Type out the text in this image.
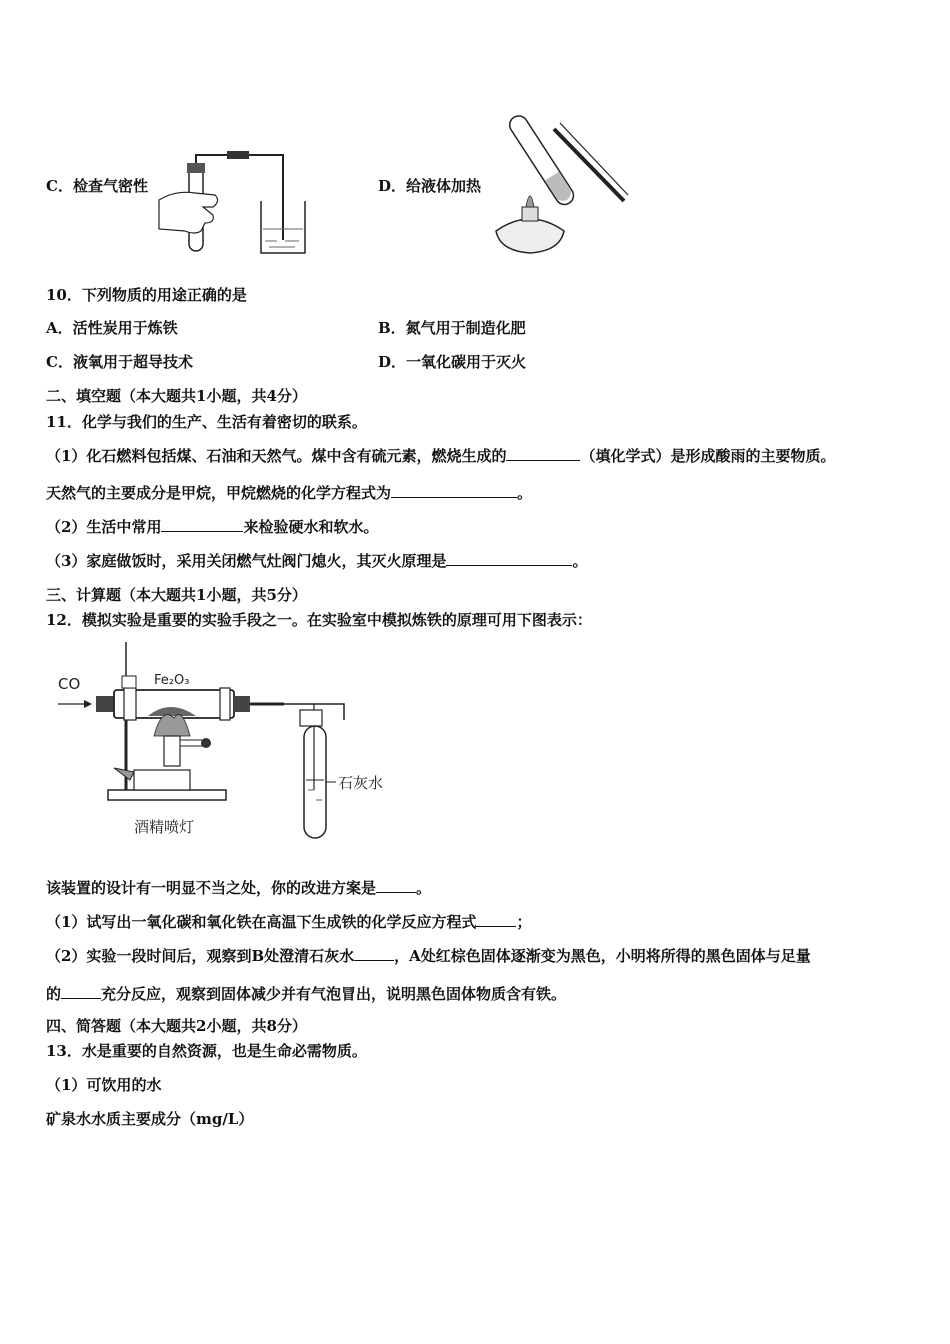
C．检查气密性	D．给液体加热
10．下列物质的用途正确的是
A．活性炭用于炼铁	B．氮气用于制造化肥
C．液氧用于超导技术	D．一氧化碳用于灭火
二、填空题（本大题共1小题，共4分）
11．化学与我们的生产、生活有着密切的联系。
（1）化石燃料包括煤、石油和天然气。煤中含有硫元素，燃烧生成的	（填化学式）是形成酸雨的主要物质。
天然气的主要成分是甲烷，甲烷燃烧的化学方程式为	。
（2）生活中常用	来检验硬水和软水。
（3）家庭做饭时，采用关闭燃气灶阀门熄火，其灭火原理是	。
三、计算题（本大题共1小题，共5分）
12．模拟实验是重要的实验手段之一。在实验室中模拟炼铁的原理可用下图表示：
CO	Fe₂O₃
石灰水
酒精喷灯
该装置的设计有一明显不当之处，你的改进方案是	。
（1）试写出一氧化碳和氧化铁在高温下生成铁的化学反应方程式	；
（2）实验一段时间后，观察到B处澄清石灰水	，A处红棕色固体逐渐变为黑色，小明将所得的黑色固体与足量
的	充分反应，观察到固体减少并有气泡冒出，说明黑色固体物质含有铁。
四、简答题（本大题共2小题，共8分）
13．水是重要的自然资源，也是生命必需物质。
（1）可饮用的水
矿泉水水质主要成分（mg/L）
